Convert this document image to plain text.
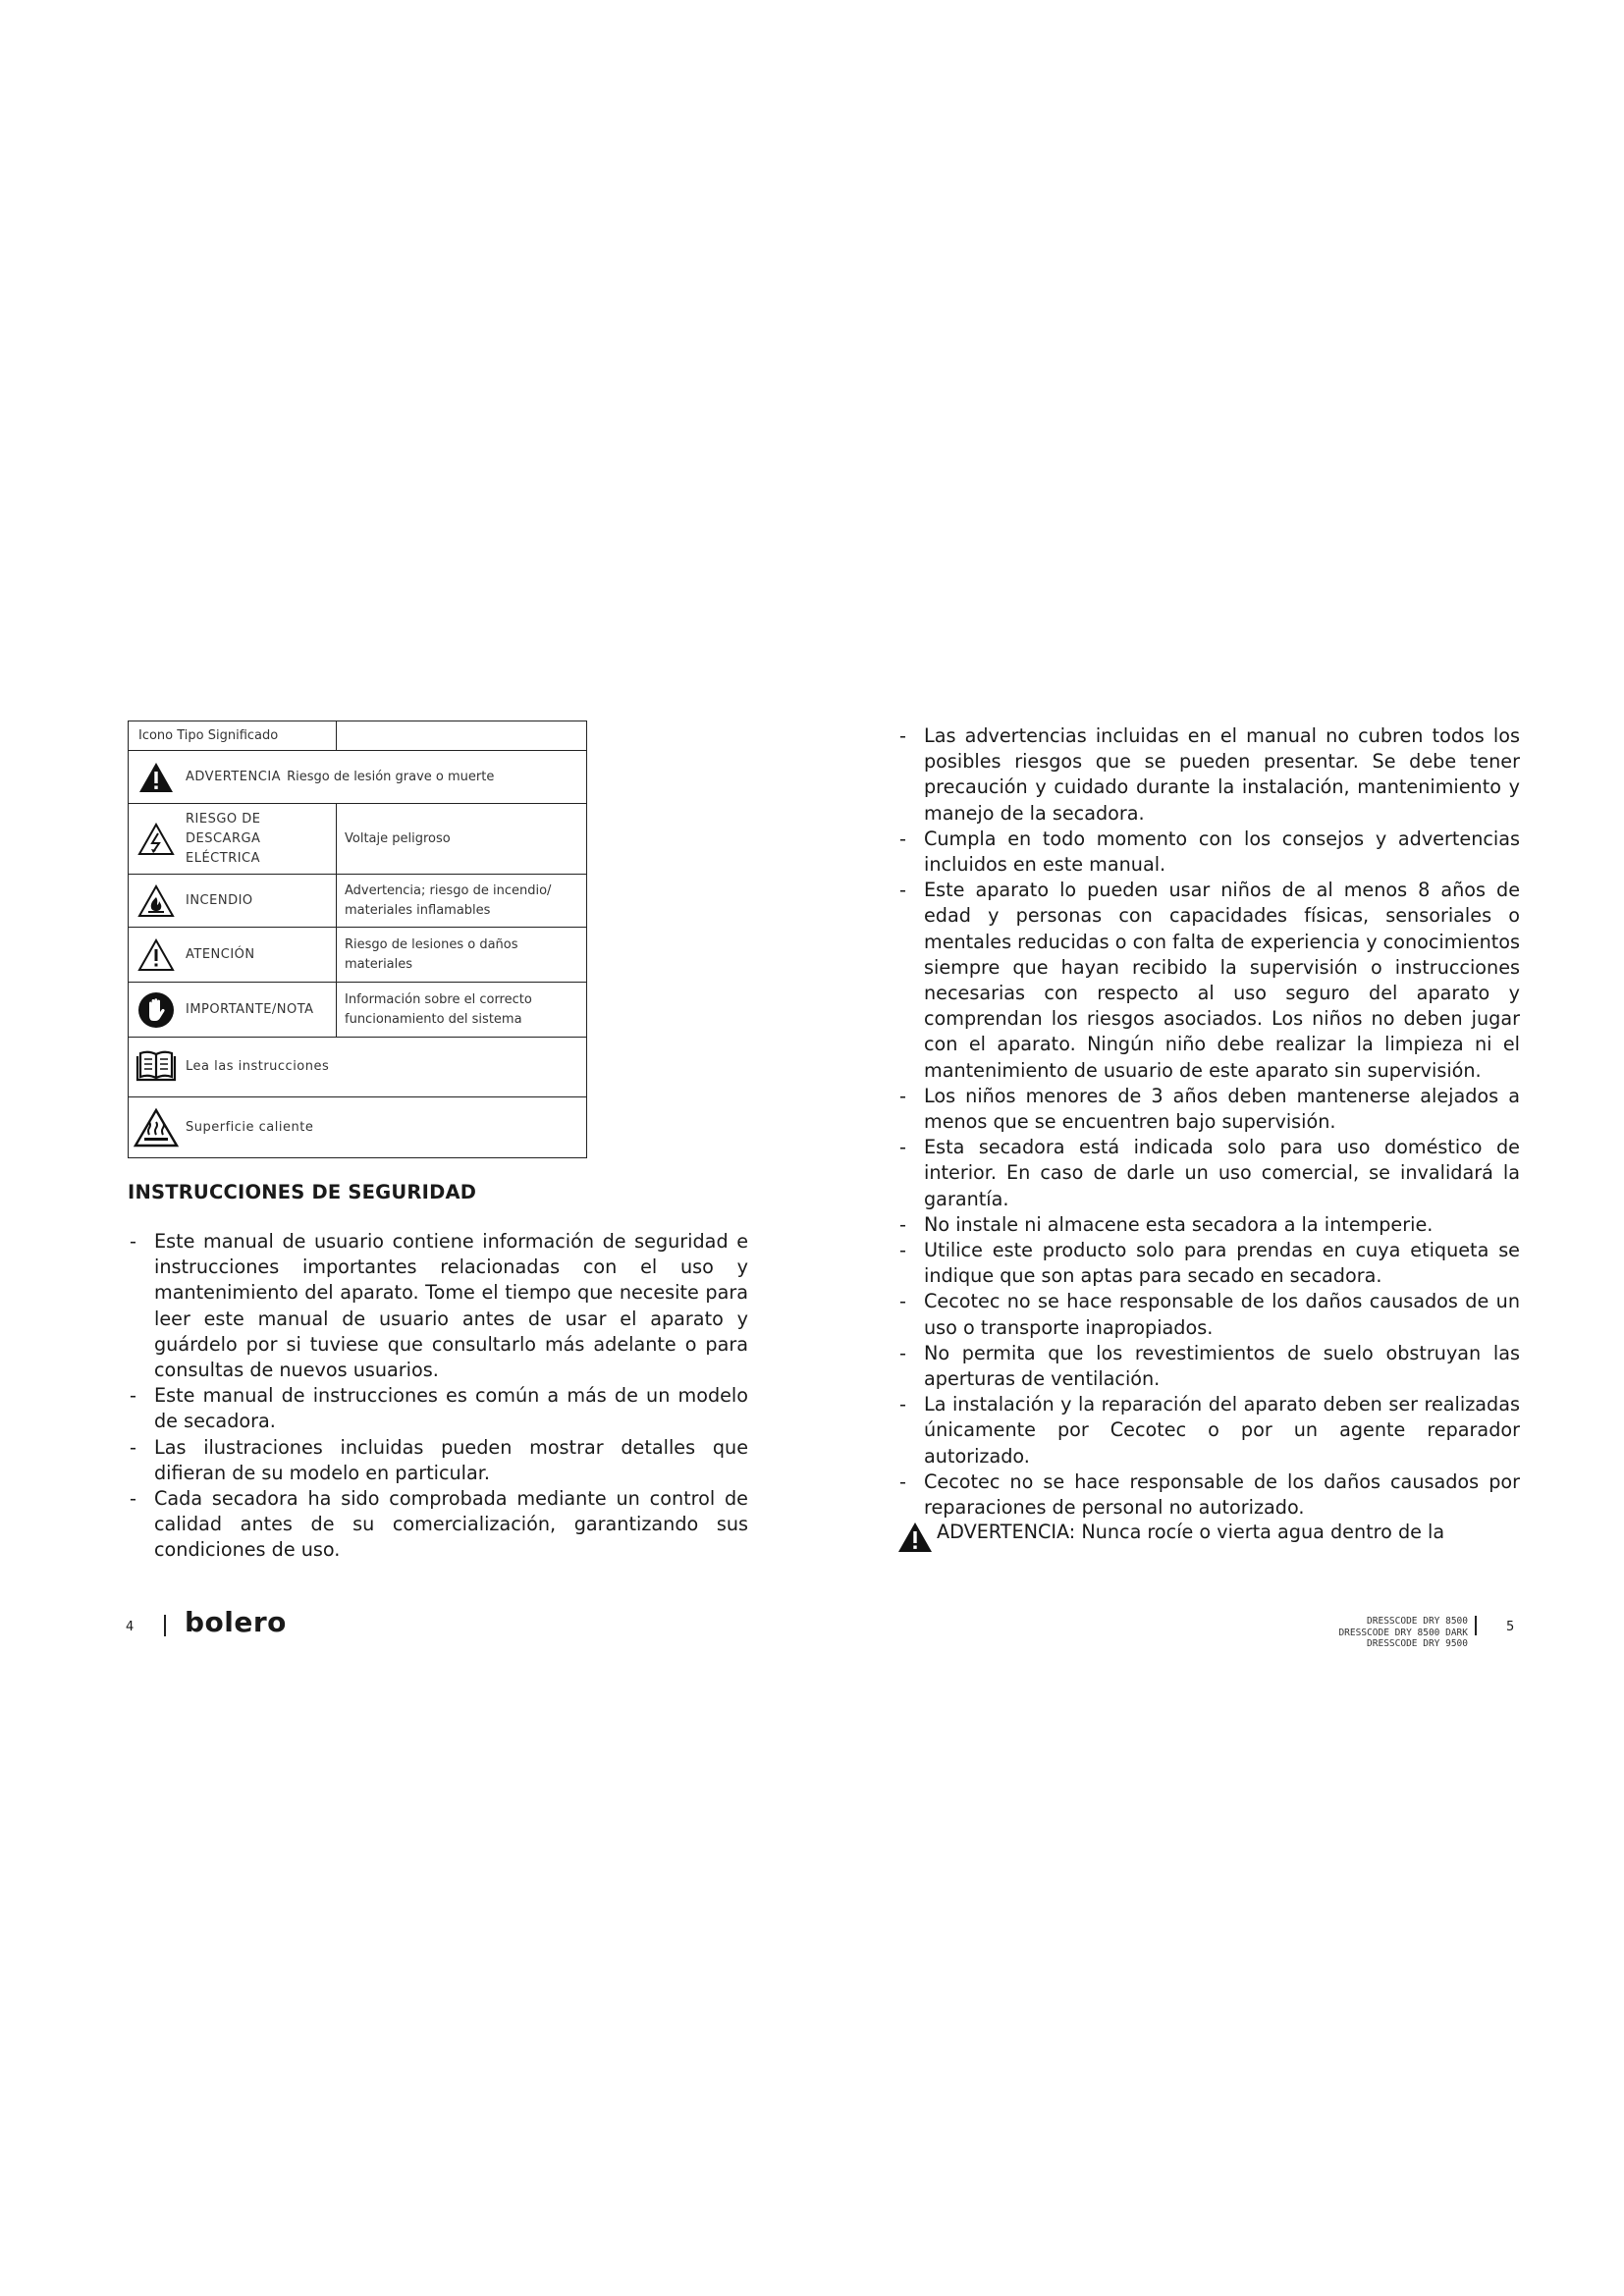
Icono Tipo Significado	

ADVERTENCIA Riesgo de lesión grave o muerte	

RIESGO DE DESCARGA ELÉCTRICA	Voltaje peligroso

INCENDIO	Advertencia; riesgo de incendio/ materiales inflamables

ATENCIÓN	Riesgo de lesiones o daños materiales

IMPORTANTE/NOTA	Información sobre el correcto funcionamiento del sistema

Lea las instrucciones	

Superficie caliente	
INSTRUCCIONES DE SEGURIDAD
- Este manual de usuario contiene información de seguridad e instrucciones importantes relacionadas con el uso y mantenimiento del aparato. Tome el tiempo que necesite para leer este manual de usuario antes de usar el aparato y guárdelo por si tuviese que consultarlo más adelante o para consultas de nuevos usuarios.
- Este manual de instrucciones es común a más de un modelo de secadora.
- Las ilustraciones incluidas pueden mostrar detalles que difieran de su modelo en particular.
- Cada secadora ha sido comprobada mediante un control de calidad antes de su comercialización, garantizando sus condiciones de uso.
- Las advertencias incluidas en el manual no cubren todos los posibles riesgos que se pueden presentar. Se debe tener precaución y cuidado durante la instalación, mantenimiento y manejo de la secadora.
- Cumpla en todo momento con los consejos y advertencias incluidos en este manual.
- Este aparato lo pueden usar niños de al menos 8 años de edad y personas con capacidades físicas, sensoriales o mentales reducidas o con falta de experiencia y conocimientos siempre que hayan recibido la supervisión o instrucciones necesarias con respecto al uso seguro del aparato y comprendan los riesgos asociados. Los niños no deben jugar con el aparato. Ningún niño debe realizar la limpieza ni el mantenimiento de usuario de este aparato sin supervisión.
- Los niños menores de 3 años deben mantenerse alejados a menos que se encuentren bajo supervisión.
- Esta secadora está indicada solo para uso doméstico de interior. En caso de darle un uso comercial, se invalidará la garantía.
- No instale ni almacene esta secadora a la intemperie.
- Utilice este producto solo para prendas en cuya etiqueta se indique que son aptas para secado en secadora.
- Cecotec no se hace responsable de los daños causados de un uso o transporte inapropiados.
- No permita que los revestimientos de suelo obstruyan las aperturas de ventilación.
- La instalación y la reparación del aparato deben ser realizadas únicamente por Cecotec o por un agente reparador autorizado.
- Cecotec no se hace responsable de los daños causados por reparaciones de personal no autorizado.
ADVERTENCIA: Nunca rocíe o vierta agua dentro de la
4 bolero	DRESSCODE DRY 8500
DRESSCODE DRY 8500 DARK
DRESSCODE DRY 9500
5
